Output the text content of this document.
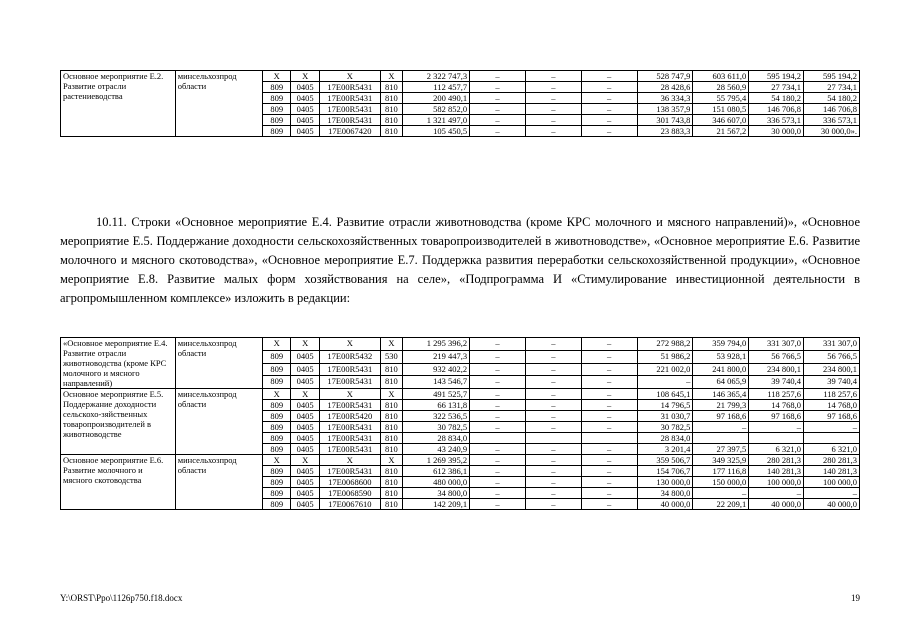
Основное мероприятие Е.2. Развитие отрасли растениеводства	минсельхозпрод области	X	X	X	X	2 322 747,3	–	–	–	528 747,9	603 611,0	595 194,2	595 194,2
		809	0405	17Е00R5431	810	112 457,7	–	–	–	28 428,6	28 560,9	27 734,1	27 734,1
		809	0405	17Е00R5431	810	200 490,1	–	–	–	36 334,3	55 795,4	54 180,2	54 180,2
		809	0405	17Е00R5431	810	582 852,0	–	–	–	138 357,9	151 080,5	146 706,8	146 706,8
		809	0405	17Е00R5431	810	1 321 497,0	–	–	–	301 743,8	346 607,0	336 573,1	336 573,1
		809	0405	17Е0067420	810	105 450,5	–	–	–	23 883,3	21 567,2	30 000,0	30 000,0».

10.11. Строки «Основное мероприятие Е.4. Развитие отрасли животноводства (кроме КРС молочного и мясного направлений)», «Основное мероприятие Е.5. Поддержание доходности сельскохозяйственных товаропроизводителей в животноводстве», «Основное мероприятие Е.6. Развитие молочного и мясного скотоводства», «Основное мероприятие Е.7. Поддержка развития переработки сельскохозяйственной продукции», «Основное мероприятие Е.8. Развитие малых форм хозяйствования на селе», «Подпрограмма И «Стимулирование инвестиционной деятельности в агропромышленном комплексе» изложить в редакции:

«Основное мероприятие Е.4. Развитие отрасли животноводства (кроме КРС молочного и мясного направлений)	минсельхозпрод области	X	X	X	X	1 295 396,2	–	–	–	272 988,2	359 794,0	331 307,0	331 307,0
		809	0405	17Е00R5432	530	219 447,3	–	–	–	51 986,2	53 928,1	56 766,5	56 766,5
		809	0405	17Е00R5431	810	932 402,2	–	–	–	221 002,0	241 800,0	234 800,1	234 800,1
		809	0405	17Е00R5431	810	143 546,7	–	–	–	–	64 065,9	39 740,4	39 740,4
Основное мероприятие Е.5. Поддержание доходности сельскохо-зяйственных товаропроизводителей в животноводстве	минсельхозпрод области	X	X	X	X	491 525,7	–	–	–	108 645,1	146 365,4	118 257,6	118 257,6
		809	0405	17Е00R5431	810	66 131,8	–	–	–	14 796,5	21 799,3	14 768,0	14 768,0
		809	0405	17Е00R5420	810	322 536,5	–	–	–	31 030,7	97 168,6	97 168,6	97 168,6
		809	0405	17Е00R5431	810	30 782,5	–	–	–	30 782,5	–	–	–
		809	0405	17Е00R5431	810	28 834,0				28 834,0			
		809	0405	17Е00R5431	810	43 240,9	–	–	–	3 201,4	27 397,5	6 321,0	6 321,0
Основное мероприятие Е.6. Развитие молочного и мясного скотоводства	минсельхозпрод области	X	X	X	X	1 269 395,2	–	–	–	359 506,7	349 325,9	280 281,3	280 281,3
		809	0405	17Е00R5431	810	612 386,1	–	–	–	154 706,7	177 116,8	140 281,3	140 281,3
		809	0405	17Е0068600	810	480 000,0	–	–	–	130 000,0	150 000,0	100 000,0	100 000,0
		809	0405	17Е0068590	810	34 800,0	–	–	–	34 800,0	–	–	–
		809	0405	17Е0067610	810	142 209,1	–	–	–	40 000,0	22 209,1	40 000,0	40 000,0
Y:\ORST\Ppo\1126p750.f18.docx	19
